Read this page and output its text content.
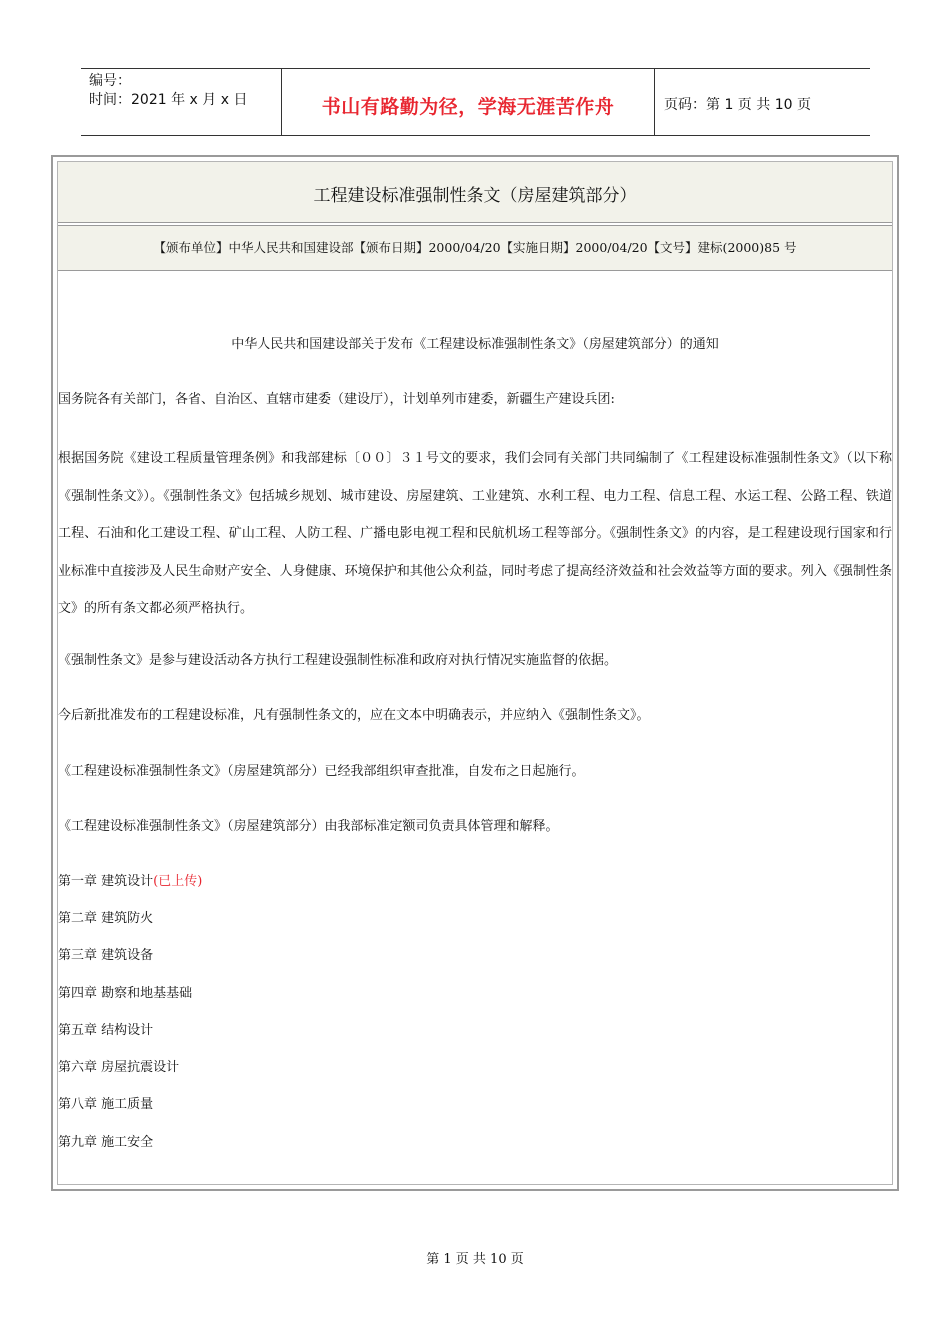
编号：
时间：2021 年 x 月 x 日	书山有路勤为径，学海无涯苦作舟	页码：第 1 页 共 10 页
工程建设标准强制性条文（房屋建筑部分）
【颁布单位】中华人民共和国建设部【颁布日期】2000/04/20【实施日期】2000/04/20【文号】建标(2000)85 号
中华人民共和国建设部关于发布《工程建设标准强制性条文》（房屋建筑部分）的通知
国务院各有关部门，各省、自治区、直辖市建委（建设厅），计划单列市建委，新疆生产建设兵团:
根据国务院《建设工程质量管理条例》和我部建标〔００〕３１号文的要求，我们会同有关部门共同编制了《工程建设标准强制性条文》（以下称《强制性条文》）。《强制性条文》包括城乡规划、城市建设、房屋建筑、工业建筑、水利工程、电力工程、信息工程、水运工程、公路工程、铁道工程、石油和化工建设工程、矿山工程、人防工程、广播电影电视工程和民航机场工程等部分。《强制性条文》的内容，是工程建设现行国家和行业标准中直接涉及人民生命财产安全、人身健康、环境保护和其他公众利益，同时考虑了提高经济效益和社会效益等方面的要求。列入《强制性条文》的所有条文都必须严格执行。
《强制性条文》是参与建设活动各方执行工程建设强制性标准和政府对执行情况实施监督的依据。
今后新批准发布的工程建设标准，凡有强制性条文的，应在文本中明确表示，并应纳入《强制性条文》。
《工程建设标准强制性条文》（房屋建筑部分）已经我部组织审查批准，自发布之日起施行。
《工程建设标准强制性条文》（房屋建筑部分）由我部标准定额司负责具体管理和解释。
第一章 建筑设计(已上传)
第二章 建筑防火
第三章 建筑设备
第四章 勘察和地基基础
第五章 结构设计
第六章 房屋抗震设计
第八章 施工质量
第九章 施工安全
第 1 页 共 10 页
